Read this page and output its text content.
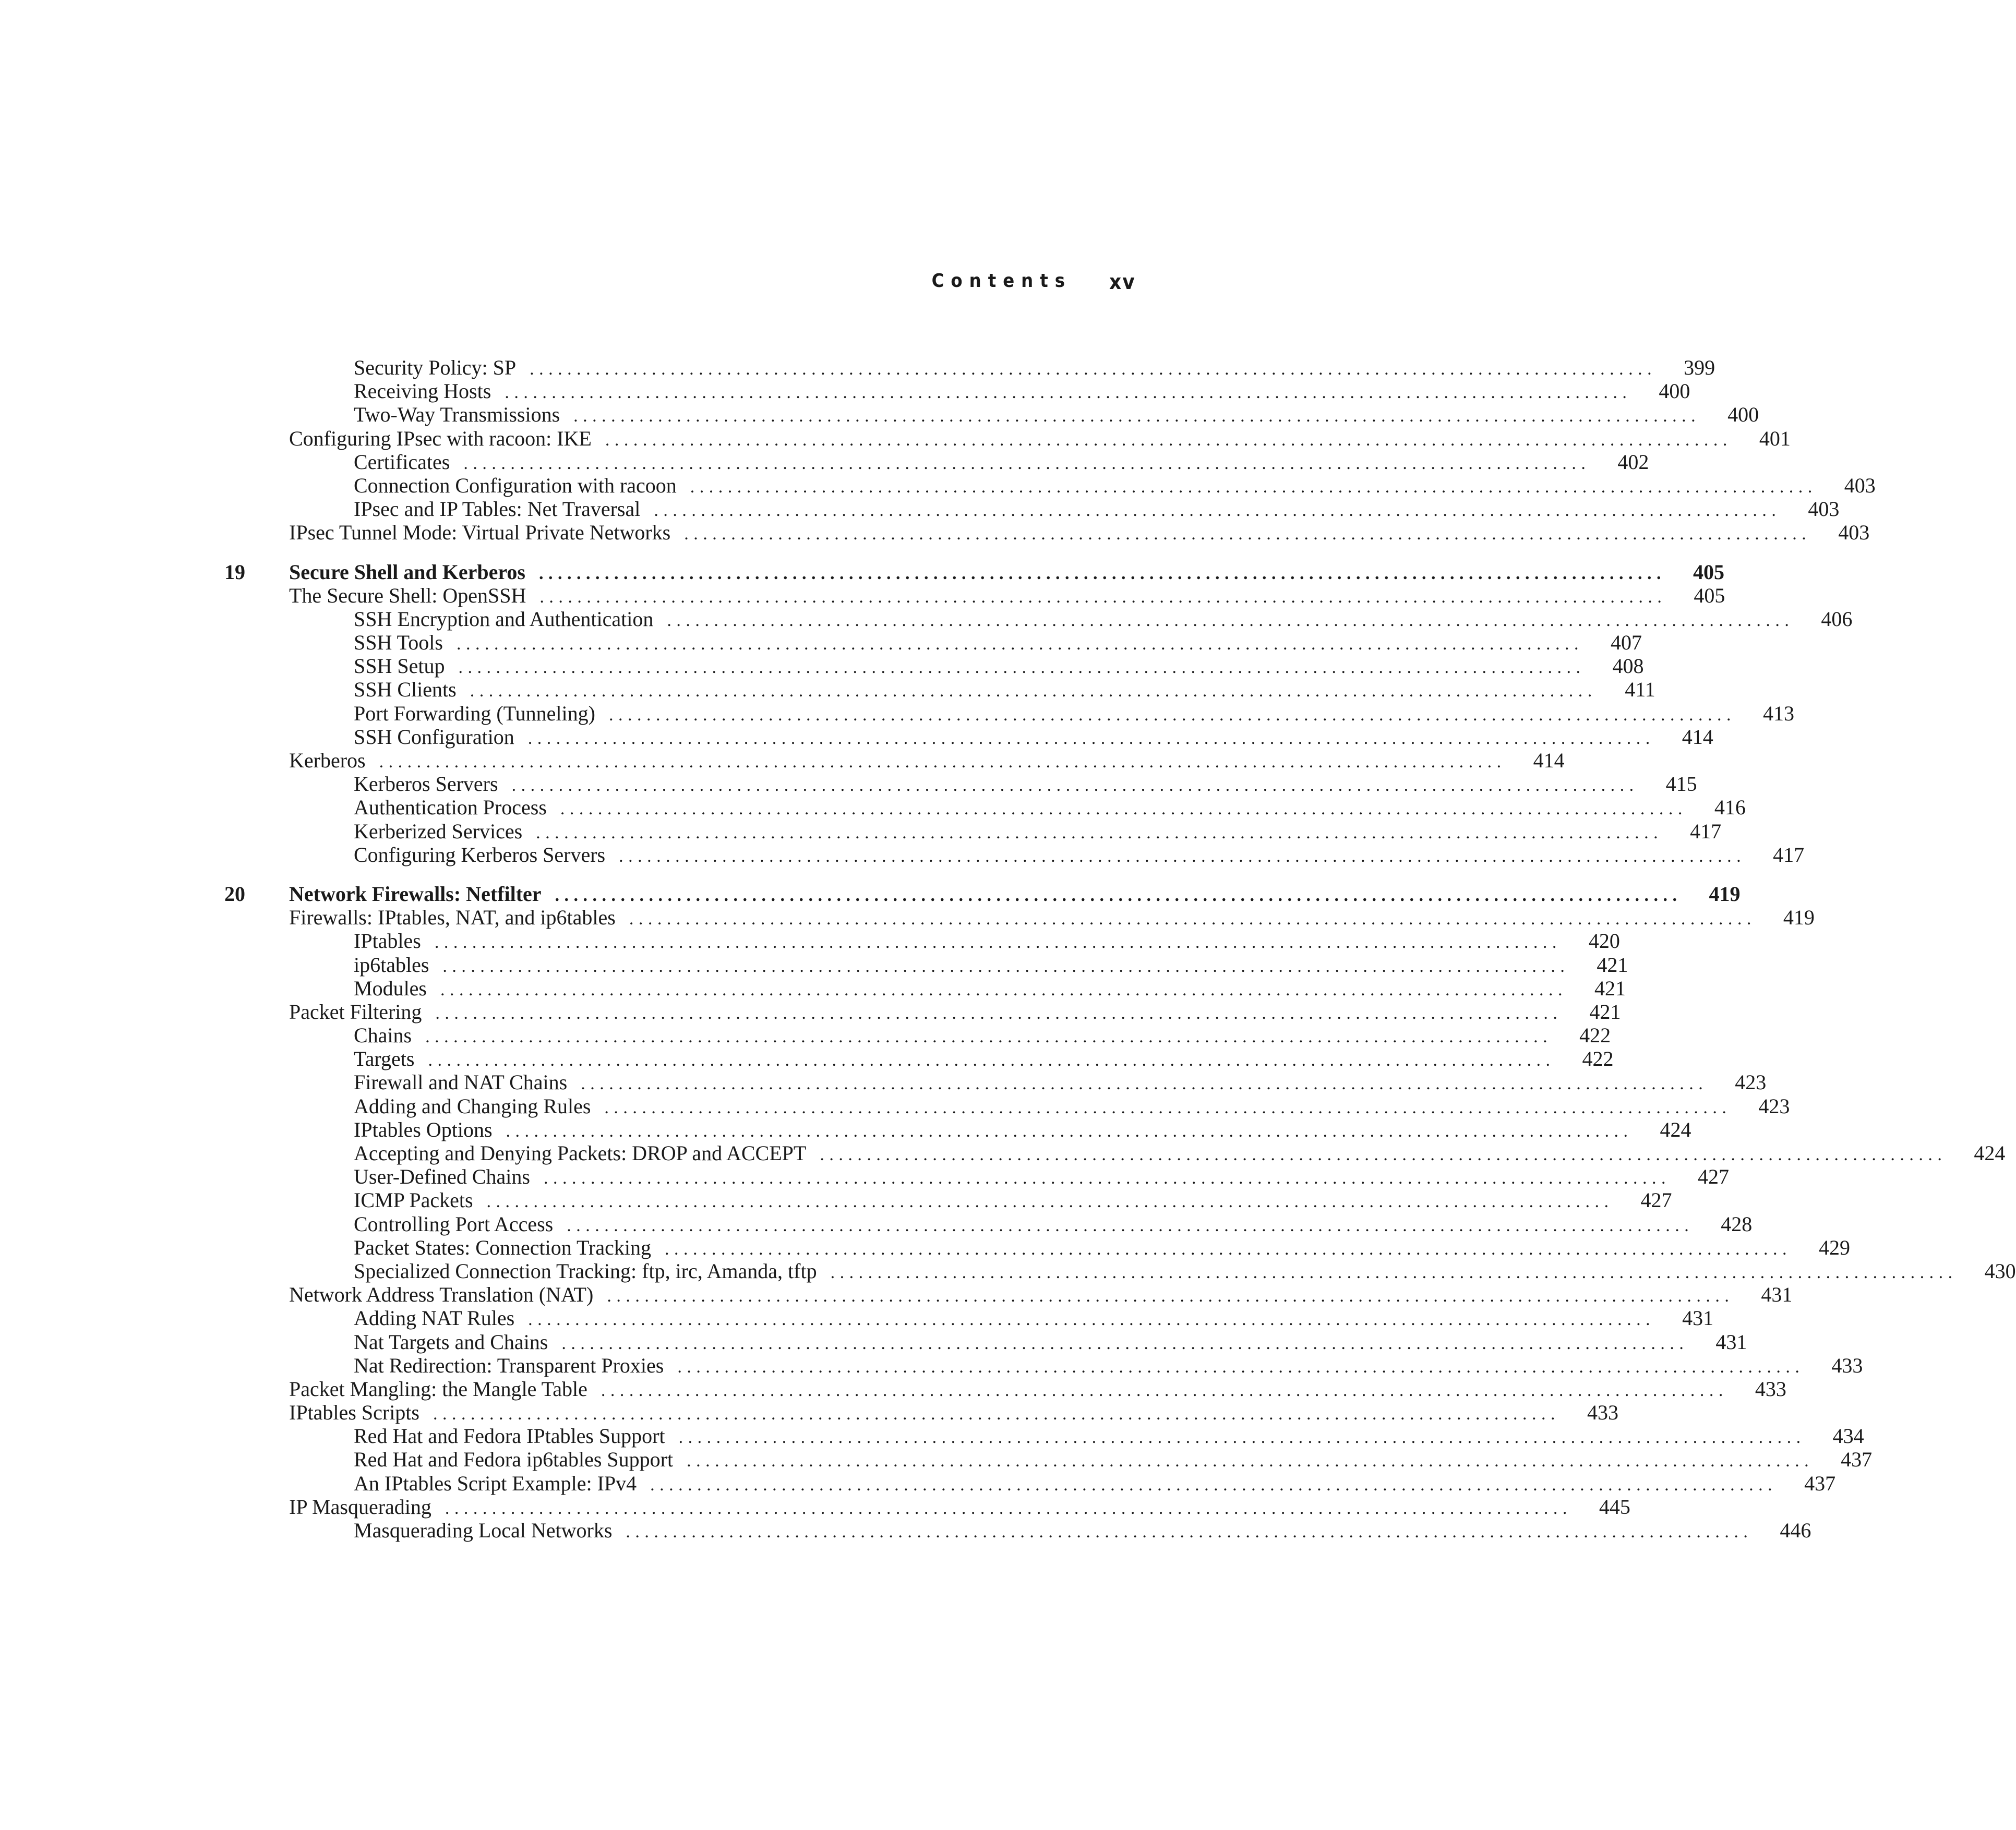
Contents xv
Security Policy: SP ........................................................................................................................	399
Receiving Hosts ........................................................................................................................	400
Two-Way Transmissions ........................................................................................................................	400
Configuring IPsec with racoon: IKE ........................................................................................................................	401
Certificates ........................................................................................................................	402
Connection Configuration with racoon ........................................................................................................................	403
IPsec and IP Tables: Net Traversal ........................................................................................................................	403
IPsec Tunnel Mode: Virtual Private Networks ........................................................................................................................	403
19	Secure Shell and Kerberos ........................................................................................................................	405
The Secure Shell: OpenSSH ........................................................................................................................	405
SSH Encryption and Authentication ........................................................................................................................	406
SSH Tools ........................................................................................................................	407
SSH Setup ........................................................................................................................	408
SSH Clients ........................................................................................................................	411
Port Forwarding (Tunneling) ........................................................................................................................	413
SSH Configuration ........................................................................................................................	414
Kerberos ........................................................................................................................	414
Kerberos Servers ........................................................................................................................	415
Authentication Process ........................................................................................................................	416
Kerberized Services ........................................................................................................................	417
Configuring Kerberos Servers ........................................................................................................................	417
20	Network Firewalls: Netfilter ........................................................................................................................	419
Firewalls: IPtables, NAT, and ip6tables ........................................................................................................................	419
IPtables ........................................................................................................................	420
ip6tables ........................................................................................................................	421
Modules ........................................................................................................................	421
Packet Filtering ........................................................................................................................	421
Chains ........................................................................................................................	422
Targets ........................................................................................................................	422
Firewall and NAT Chains ........................................................................................................................	423
Adding and Changing Rules ........................................................................................................................	423
IPtables Options ........................................................................................................................	424
Accepting and Denying Packets: DROP and ACCEPT ........................................................................................................................	424
User-Defined Chains ........................................................................................................................	427
ICMP Packets ........................................................................................................................	427
Controlling Port Access ........................................................................................................................	428
Packet States: Connection Tracking ........................................................................................................................	429
Specialized Connection Tracking: ftp, irc, Amanda, tftp ........................................................................................................................	430
Network Address Translation (NAT) ........................................................................................................................	431
Adding NAT Rules ........................................................................................................................	431
Nat Targets and Chains ........................................................................................................................	431
Nat Redirection: Transparent Proxies ........................................................................................................................	433
Packet Mangling: the Mangle Table ........................................................................................................................	433
IPtables Scripts ........................................................................................................................	433
Red Hat and Fedora IPtables Support ........................................................................................................................	434
Red Hat and Fedora ip6tables Support ........................................................................................................................	437
An IPtables Script Example: IPv4 ........................................................................................................................	437
IP Masquerading ........................................................................................................................	445
Masquerading Local Networks ........................................................................................................................	446
